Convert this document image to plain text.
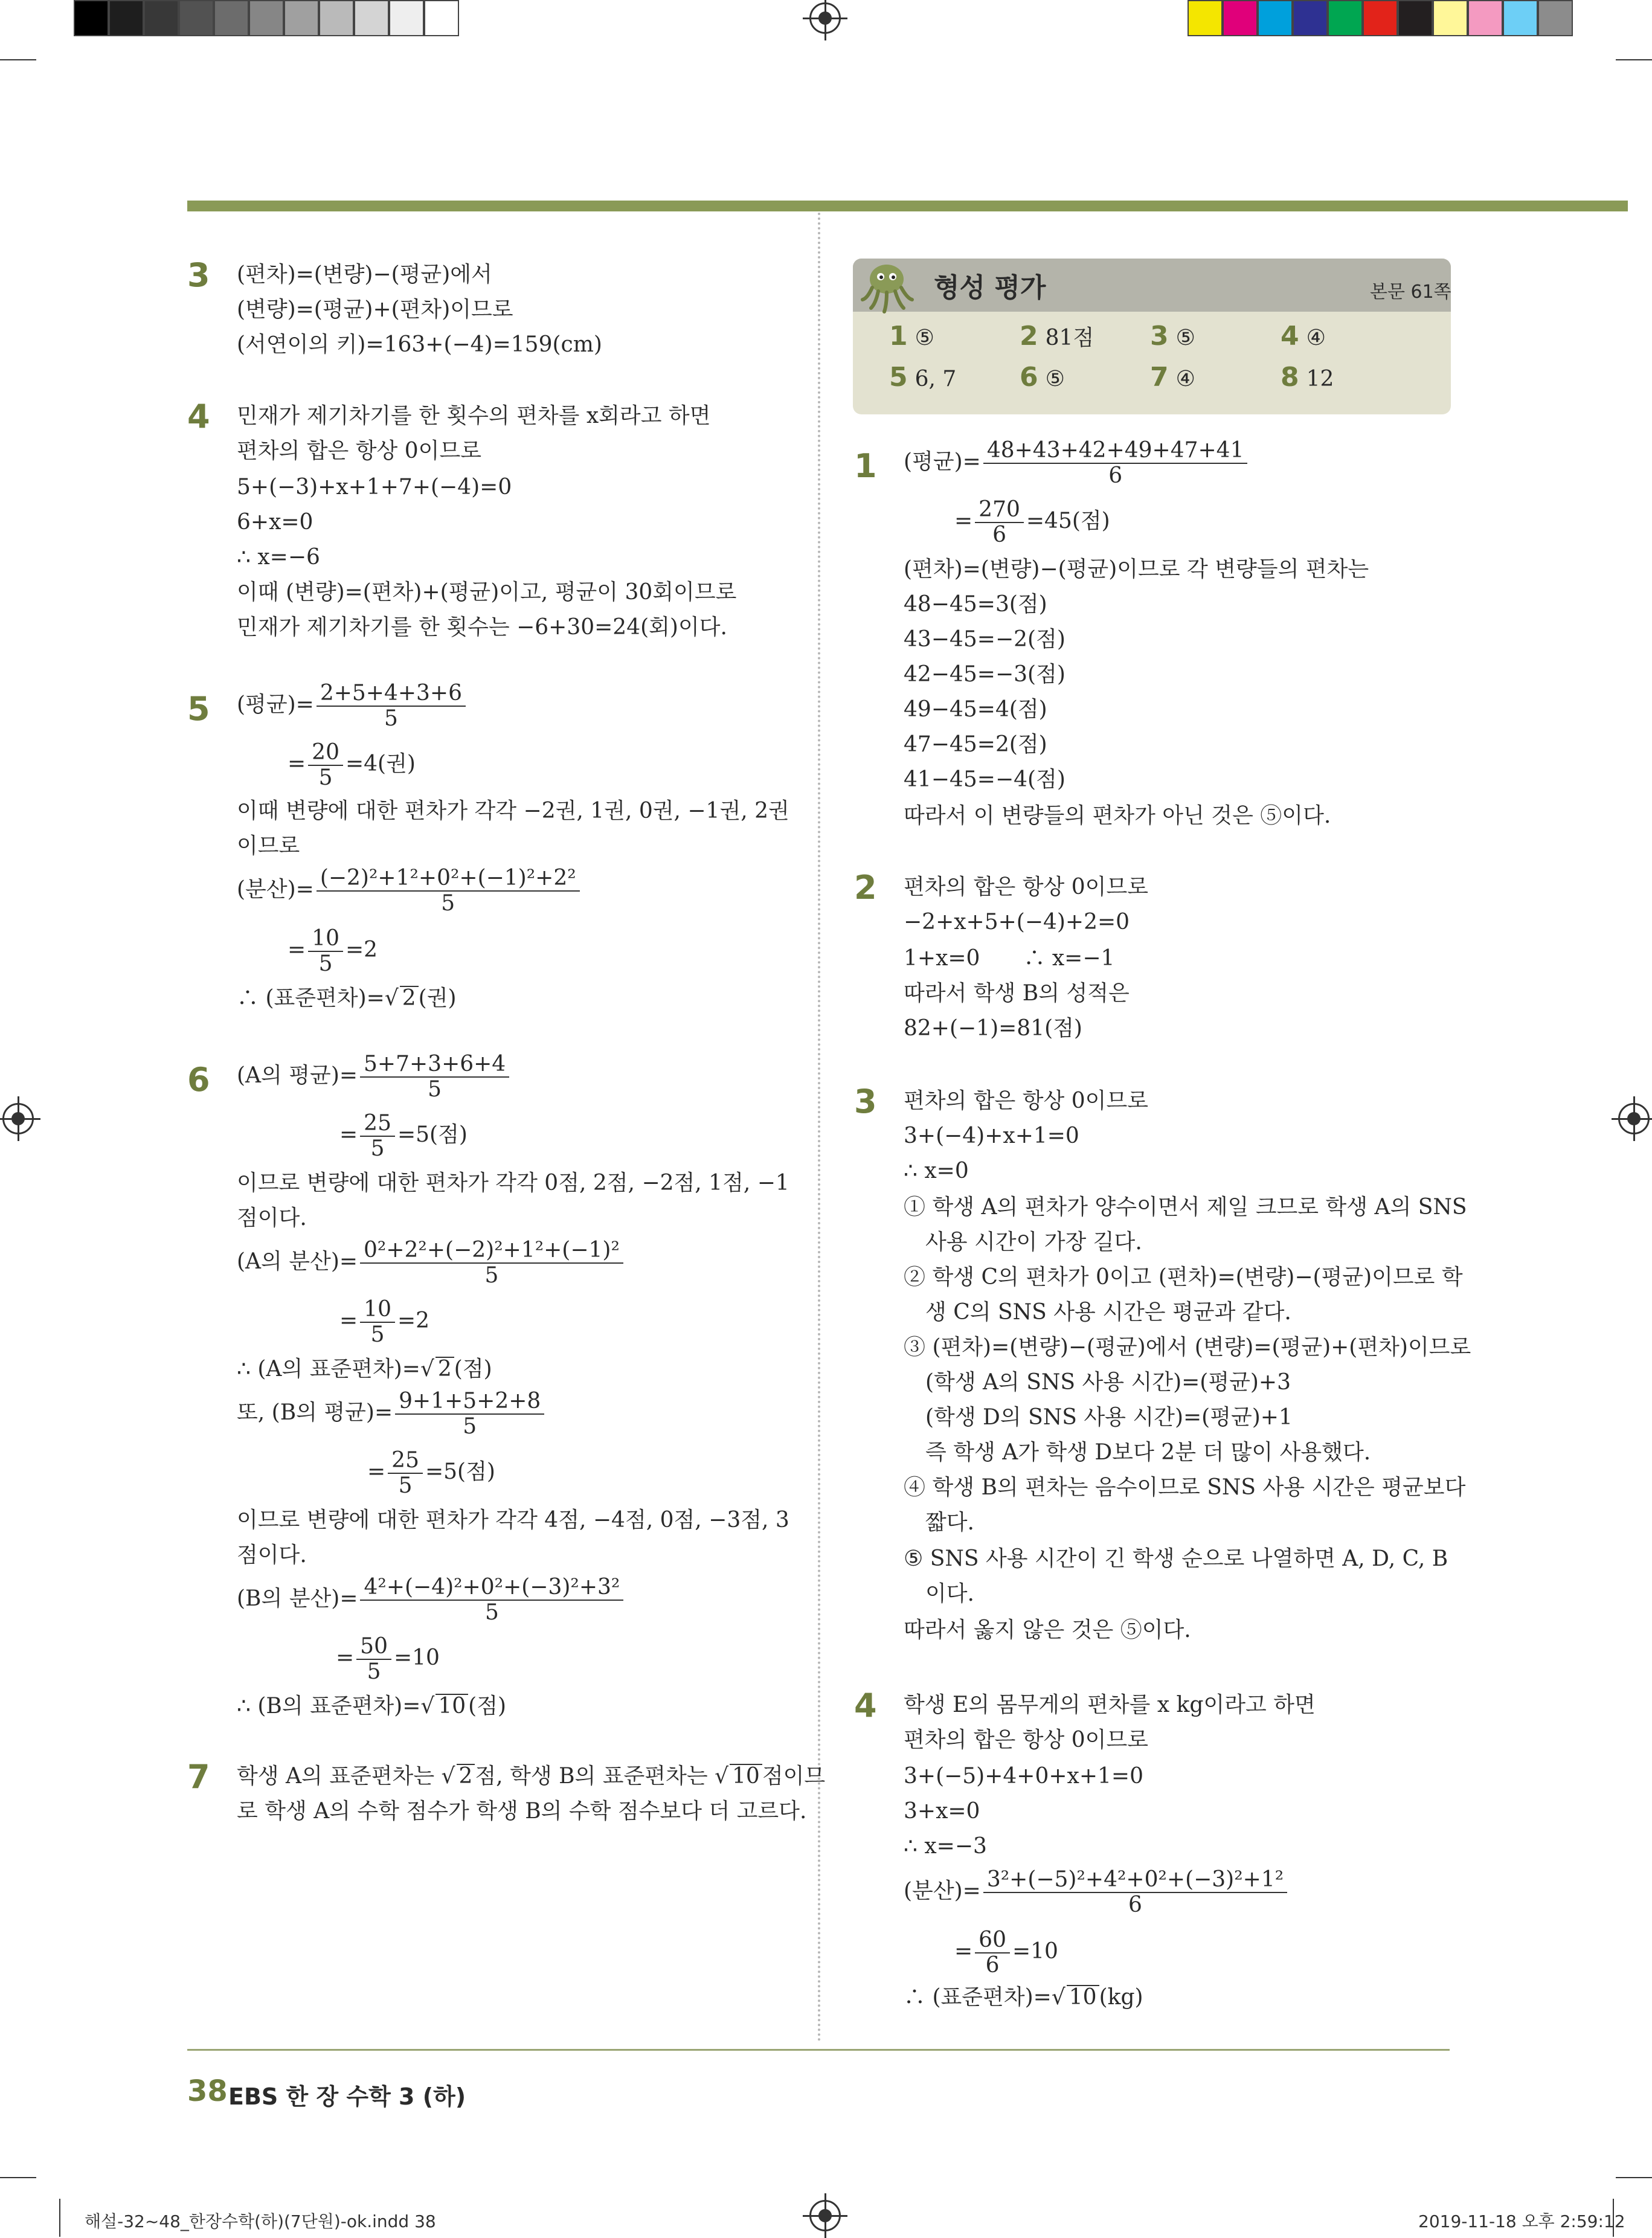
3 (편차)=(변량)−(평균)에서
(변량)=(평균)+(편차)이므로
(서연이의 키)=163+(−4)=159(cm)
4 민재가 제기차기를 한 횟수의 편차를 x회라고 하면
편차의 합은 항상 0이므로
5+(−3)+x+1+7+(−4)=0
6+x=0
∴ x=−6
이때 (변량)=(편차)+(평균)이고, 평균이 30회이므로
민재가 제기차기를 한 횟수는 −6+30=24(회)이다.
5 (평균)= $\frac{2+5+4+3+6}{5}$
= $\frac{20}{5} =4$(권)
이때 변량에 대한 편차가 각각 −2권, 1권, 0권, −1권, 2권
이므로
(분산)= $\frac{\text{(−2)²+1²+0²+(−1)²+2²}}{5}$
= $\frac{10}{5} =2$
∴ (표준편차)=√ 2 (권)
6 (A의 평균)= $\frac{5+7+3+6+4}{5}$
= $\frac{25}{5} =5$(점)
이므로 변량에 대한 편차가 각각 0점, 2점, −2점, 1점, −1
점이다.
(A의 분산)= $\frac{\text{0²+2²+(−2)²+1²+(−1)²}}{5}$
= $\frac{10}{5} =2$
∴ (A의 표준편차)=√ 2 (점)
또, (B의 평균)= $\frac{9+1+5+2+8}{5}$
= $\frac{25}{5} =5$(점)
이므로 변량에 대한 편차가 각각 4점, −4점, 0점, −3점, 3
점이다.
(B의 분산)= $\frac{\text{4²+(−4)²+0²+(−3)²+3²}}{5}$
= $\frac{50}{5} =10$
∴ (B의 표준편차)=√ 10 (점)
7 학생 A의 표준편차는 √ 2 점, 학생 B의 표준편차는 √ 10 점이므
로 학생 A의 수학 점수가 학생 B의 수학 점수보다 더 고르다.
형성 평가	본문 61쪽
1 ⑤	2 81점 3 ⑤	4 ④
5 6, 7 6 ⑤	7 ④	8 12
1 (평균)= $\frac{48+43+42+49+47+41}{6}$
= $\frac{270}{6} =45$(점)
(편차)=(변량)−(평균)이므로 각 변량들의 편차는
48−45=3(점)
43−45=−2(점)
42−45=−3(점)
49−45=4(점)
47−45=2(점)
41−45=−4(점)
따라서 이 변량들의 편차가 아닌 것은 ⑤이다.
2 편차의 합은 항상 0이므로
−2+x+5+(−4)+2=0
1+x=0　　∴ x=−1
따라서 학생 B의 성적은
82+(−1)=81(점)
3 편차의 합은 항상 0이므로
3+(−4)+x+1=0
∴ x=0
① 학생 A의 편차가 양수이면서 제일 크므로 학생 A의 SNS
　사용 시간이 가장 길다.
② 학생 C의 편차가 0이고 (편차)=(변량)−(평균)이므로 학
　생 C의 SNS 사용 시간은 평균과 같다.
③ (편차)=(변량)−(평균)에서 (변량)=(평균)+(편차)이므로
　(학생 A의 SNS 사용 시간)=(평균)+3
　(학생 D의 SNS 사용 시간)=(평균)+1
　즉 학생 A가 학생 D보다 2분 더 많이 사용했다.
④ 학생 B의 편차는 음수이므로 SNS 사용 시간은 평균보다
　짧다.
⑤ SNS 사용 시간이 긴 학생 순으로 나열하면 A, D, C, B
　이다.
따라서 옳지 않은 것은 ⑤이다.
4 학생 E의 몸무게의 편차를 x kg이라고 하면
편차의 합은 항상 0이므로
3+(−5)+4+0+x+1=0
3+x=0
∴ x=−3
(분산)= $\frac{\text{3²+(−5)²+4²+0²+(−3)²+1²}}{6}$
= $\frac{60}{6} =10$
∴ (표준편차)=√ 10 (kg)
38 EBS 한 장 수학 3 (하)
해설-32~48_한장수학(하)(7단원)-ok.indd 38	2019-11-18 오후 2:59:12
